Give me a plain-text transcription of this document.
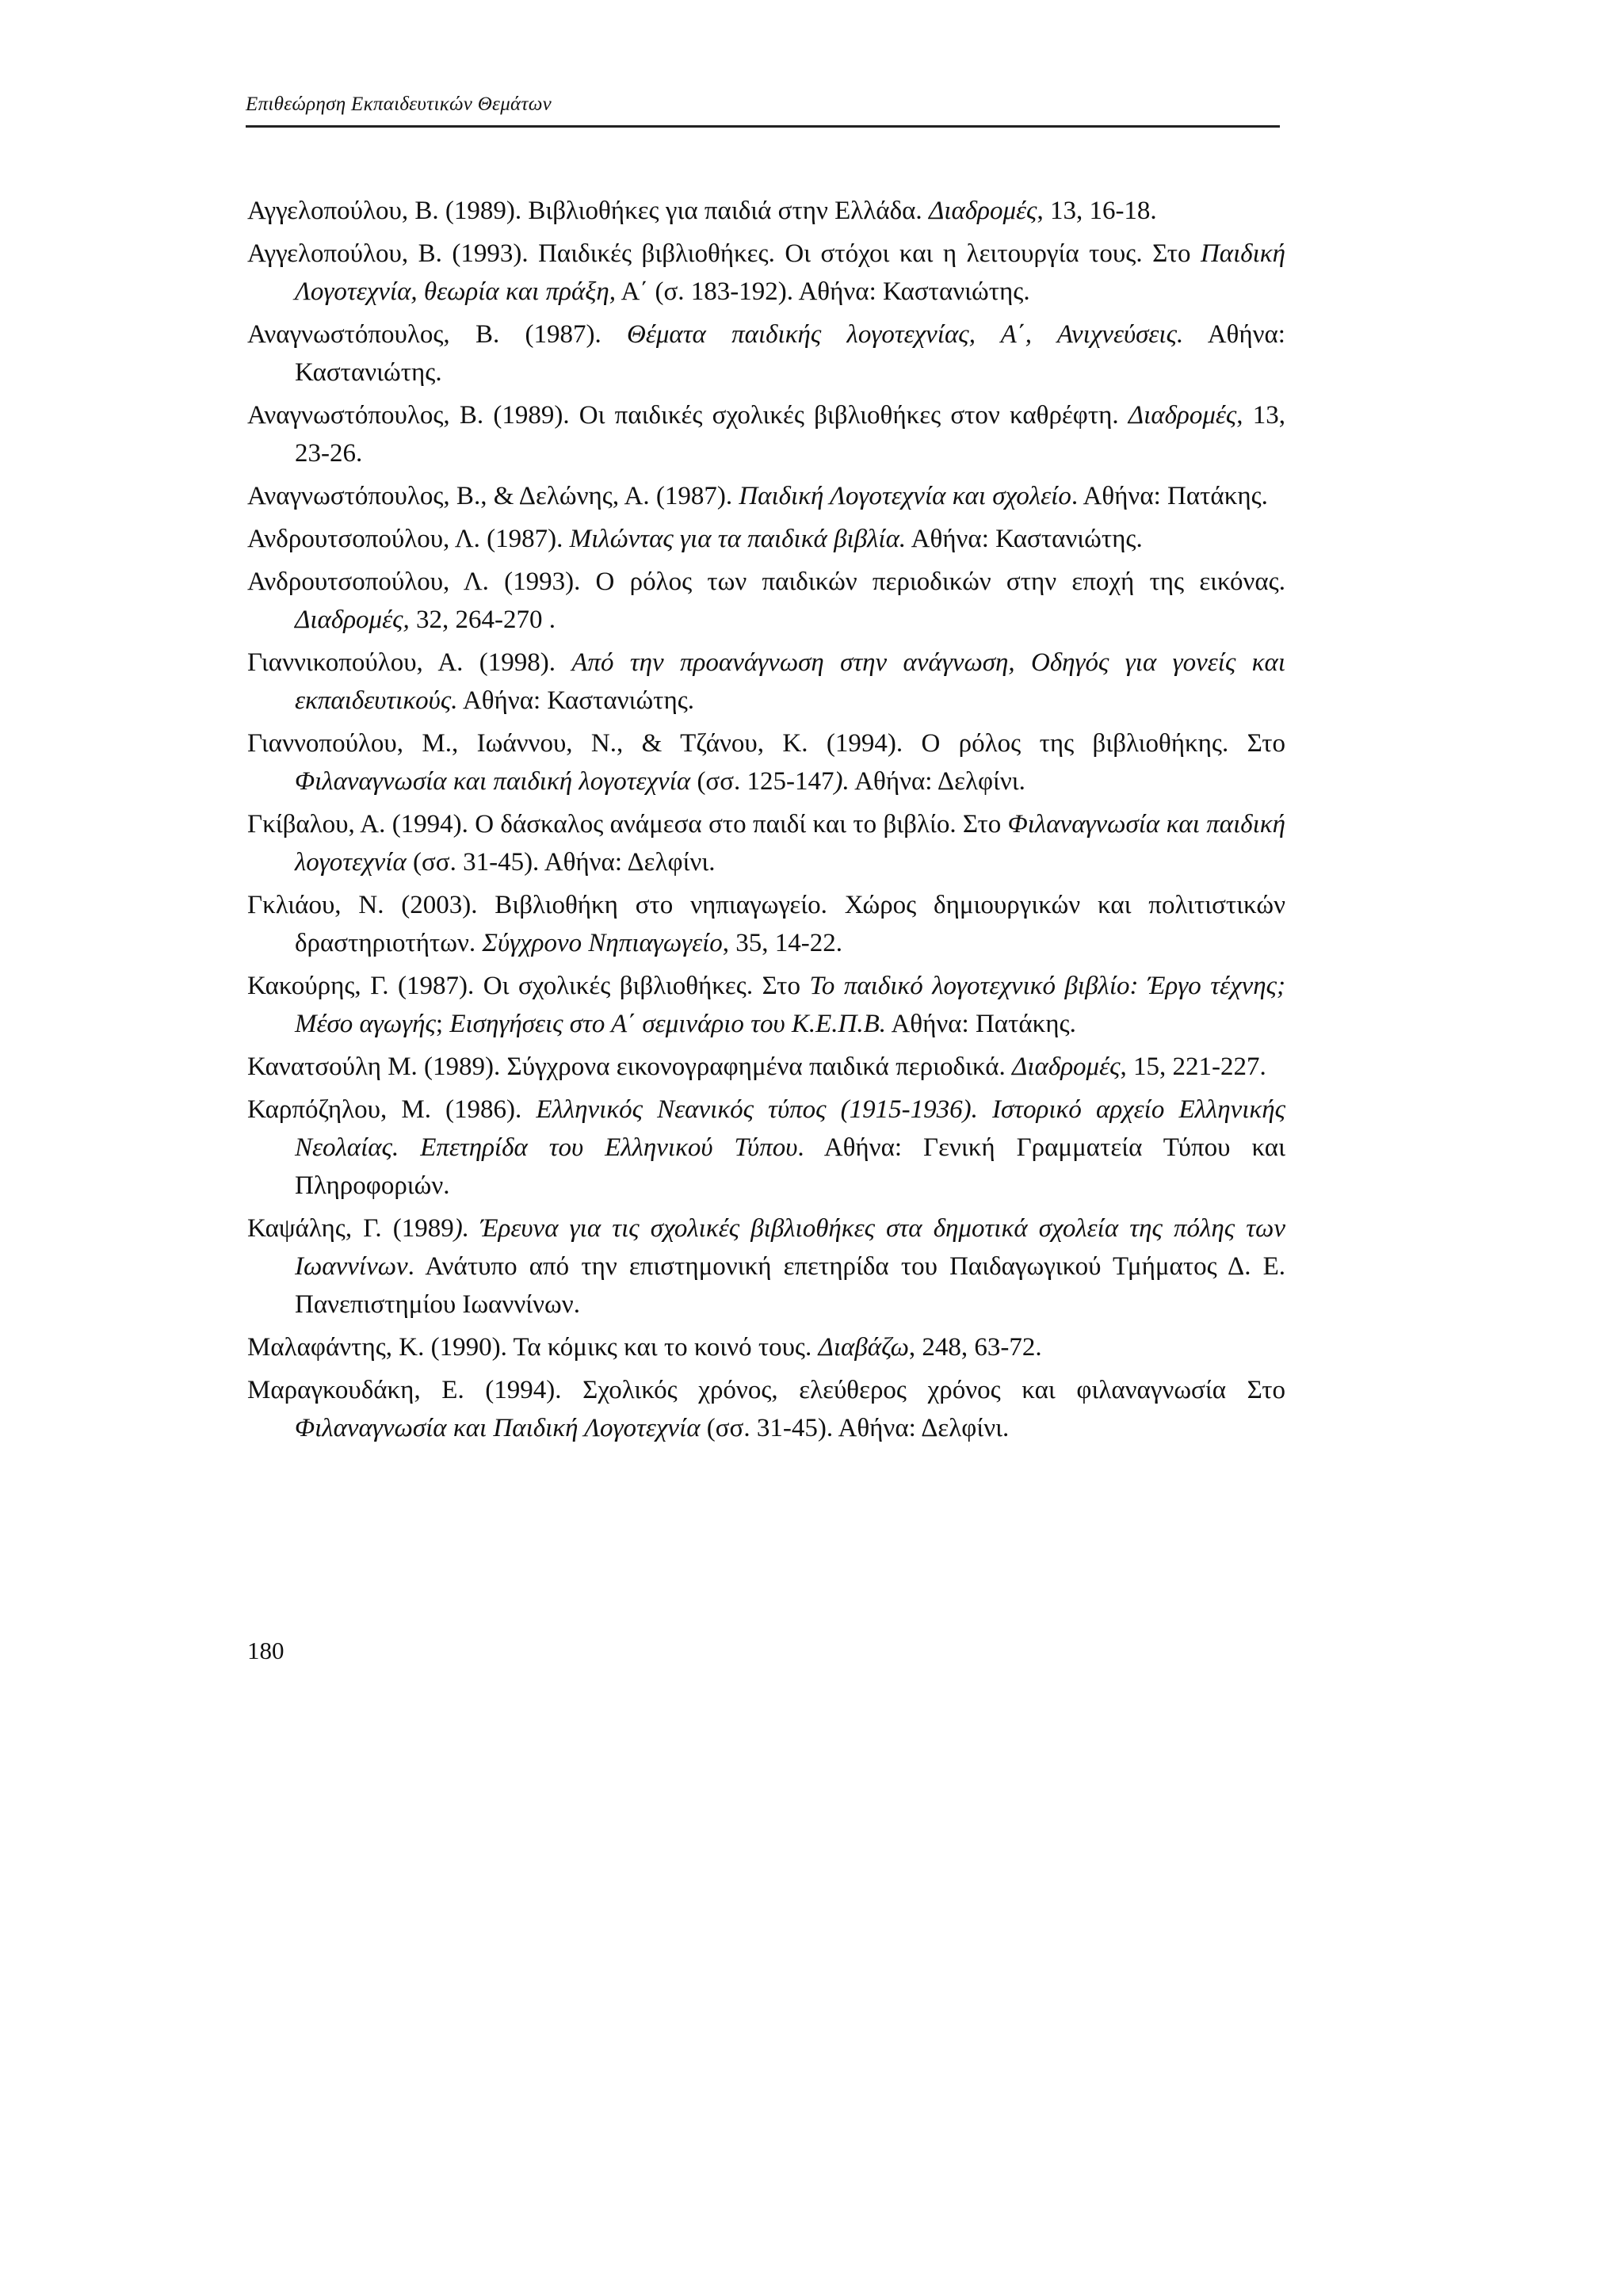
Επιθεώρηση Εκπαιδευτικών Θεμάτων

Αγγελοπούλου, Β. (1989). Βιβλιοθήκες για παιδιά στην Ελλάδα. Διαδρομές, 13, 16-18.

Αγγελοπούλου, Β. (1993). Παιδικές βιβλιοθήκες. Οι στόχοι και η λειτουργία τους. Στο Παιδική Λογοτεχνία, θεωρία και πράξη, Α΄ (σ. 183-192). Αθήνα: Καστανιώτης.

Αναγνωστόπουλος, Β. (1987). Θέματα παιδικής λογοτεχνίας, Α΄, Ανιχνεύσεις. Αθήνα: Καστανιώτης.

Αναγνωστόπουλος, Β. (1989). Οι παιδικές σχολικές βιβλιοθήκες στον καθρέφτη. Διαδρομές, 13, 23-26.

Αναγνωστόπουλος, Β., & Δελώνης, Α. (1987). Παιδική Λογοτεχνία και σχολείο. Αθήνα: Πατάκης.

Ανδρουτσοπούλου, Λ. (1987). Μιλώντας για τα παιδικά βιβλία. Αθήνα: Καστανιώτης.

Ανδρουτσοπούλου, Λ. (1993). Ο ρόλος των παιδικών περιοδικών στην εποχή της εικόνας. Διαδρομές, 32, 264-270 .

Γιαννικοπούλου, Α. (1998). Από την προανάγνωση στην ανάγνωση, Οδηγός για γονείς και εκπαιδευτικούς. Αθήνα: Καστανιώτης.

Γιαννοπούλου, Μ., Ιωάννου, Ν., & Τζάνου, Κ. (1994). Ο ρόλος της βιβλιοθήκης. Στο Φιλαναγνωσία και παιδική λογοτεχνία (σσ. 125-147). Αθήνα: Δελφίνι.

Γκίβαλου, Α. (1994). Ο δάσκαλος ανάμεσα στο παιδί και το βιβλίο. Στο Φιλαναγνωσία και παιδική λογοτεχνία (σσ. 31-45). Αθήνα: Δελφίνι.

Γκλιάου, Ν. (2003). Βιβλιοθήκη στο νηπιαγωγείο. Χώρος δημιουργικών και πολιτιστικών δραστηριοτήτων. Σύγχρονο Νηπιαγωγείο, 35, 14-22.

Κακούρης, Γ. (1987). Οι σχολικές βιβλιοθήκες. Στο Το παιδικό λογοτεχνικό βιβλίο: Έργο τέχνης; Μέσο αγωγής; Εισηγήσεις στο Α΄ σεμινάριο του Κ.Ε.Π.Β. Αθήνα: Πατάκης.

Κανατσούλη Μ. (1989). Σύγχρονα εικονογραφημένα παιδικά περιοδικά. Διαδρομές, 15, 221-227.

Καρπόζηλου, Μ. (1986). Ελληνικός Νεανικός τύπος (1915-1936). Ιστορικό αρχείο Ελληνικής Νεολαίας. Επετηρίδα του Ελληνικού Τύπου. Αθήνα: Γενική Γραμματεία Τύπου και Πληροφοριών.

Καψάλης, Γ. (1989). Έρευνα για τις σχολικές βιβλιοθήκες στα δημοτικά σχολεία της πόλης των Ιωαννίνων. Ανάτυπο από την επιστημονική επετηρίδα του Παιδαγωγικού Τμήματος Δ. Ε. Πανεπιστημίου Ιωαννίνων.

Μαλαφάντης, Κ. (1990). Τα κόμικς και το κοινό τους. Διαβάζω, 248, 63-72.

Μαραγκουδάκη, Ε. (1994). Σχολικός χρόνος, ελεύθερος χρόνος και φιλαναγνωσία Στο Φιλαναγνωσία και Παιδική Λογοτεχνία (σσ. 31-45). Αθήνα: Δελφίνι.

180
